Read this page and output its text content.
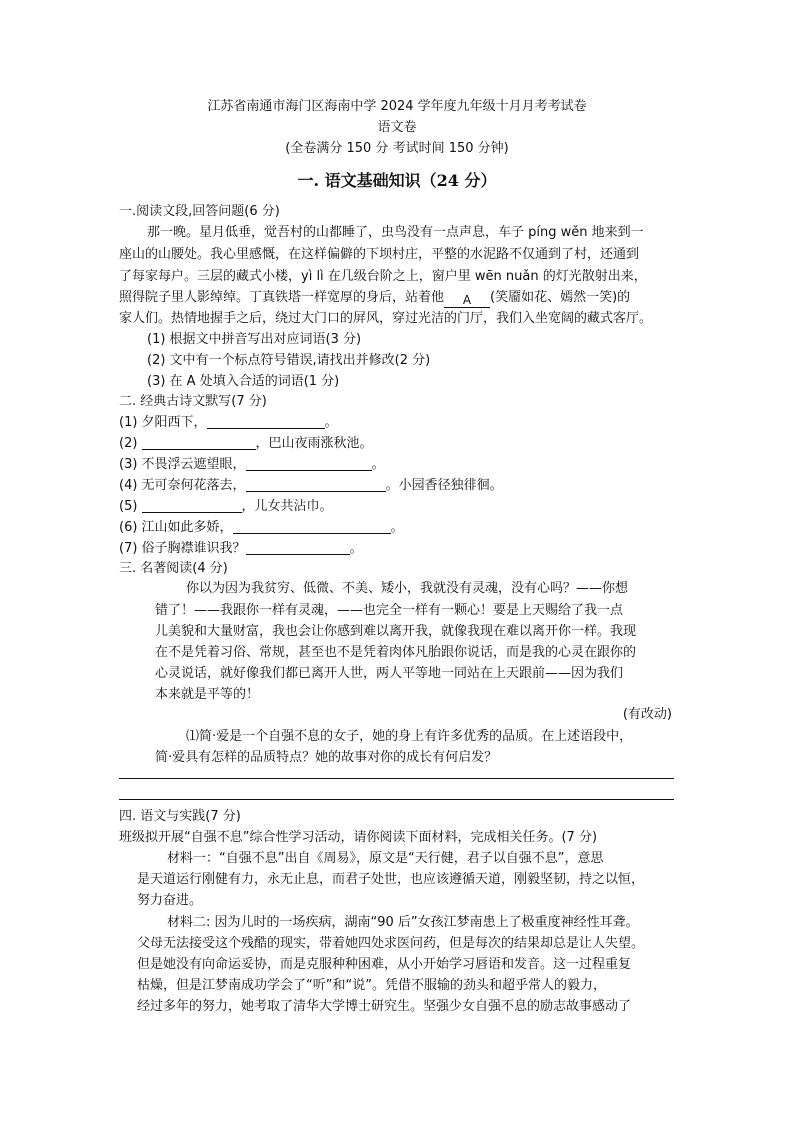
江苏省南通市海门区海南中学 2024 学年度九年级十月月考考试卷
语文卷
(全卷满分 150 分 考试时间 150 分钟)
一. 语文基础知识（24 分）
一.阅读文段,回答问题(6 分)
那一晚。星月低垂，觉吾村的山都睡了，虫鸟没有一点声息，车子 píng wěn 地来到一
座山的山腰处。我心里感慨，在这样偏僻的下坝村庄，平整的水泥路不仅通到了村，还通到
了每家每户。三层的藏式小楼，yì lì 在几级台阶之上，窗户里 wēn nuǎn 的灯光散射出来，
照得院子里人影绰绰。丁真铁塔一样宽厚的身后，站着他 A (笑靥如花、嫣然一笑)的
家人们。热情地握手之后，绕过大门口的屏风，穿过光洁的门厅，我们入坐宽阔的藏式客厅。
(1) 根据文中拼音写出对应词语(3 分)
(2) 文中有一个标点符号错误,请找出并修改(2 分)
(3) 在 A 处填入合适的词语(1 分)
二. 经典古诗文默写(7 分)
(1) 夕阳西下，	。
(2)	，巴山夜雨涨秋池。
(3) 不畏浮云遮望眼，	。
(4) 无可奈何花落去，	。小园香径独徘徊。
(5)	，儿女共沾巾。
(6) 江山如此多娇，	。
(7) 俗子胸襟谁识我？	。
三. 名著阅读(4 分)
你以为因为我贫穷、低微、不美、矮小，我就没有灵魂，没有心吗？——你想
错了！——我跟你一样有灵魂，——也完全一样有一颗心！要是上天赐给了我一点
儿美貌和大量财富，我也会让你感到难以离开我，就像我现在难以离开你一样。我现
在不是凭着习俗、常规，甚至也不是凭着肉体凡胎跟你说话，而是我的心灵在跟你的
心灵说话，就好像我们都已离开人世，两人平等地一同站在上天跟前——因为我们
本来就是平等的！
(有改动)
⑴简·爱是一个自强不息的女子，她的身上有许多优秀的品质。在上述语段中，
简·爱具有怎样的品质特点？她的故事对你的成长有何启发？
四. 语文与实践(7 分)
班级拟开展“自强不息”综合性学习活动，请你阅读下面材料，完成相关任务。(7 分)
材料一：“自强不息”出自《周易》，原文是“天行健，君子以自强不息”，意思
是天道运行刚健有力，永无止息，而君子处世，也应该遵循天道，刚毅坚韧，持之以恒，
努力奋进。
材料二: 因为儿时的一场疾病，湖南“90 后”女孩江梦南患上了极重度神经性耳聋。
父母无法接受这个残酷的现实，带着她四处求医问药，但是每次的结果却总是让人失望。
但是她没有向命运妥协，而是克服种种困难，从小开始学习唇语和发音。这一过程重复
枯燥，但是江梦南成功学会了“听”和“说”。凭借不服输的劲头和超乎常人的毅力，
经过多年的努力，她考取了清华大学博士研究生。坚强少女自强不息的励志故事感动了
